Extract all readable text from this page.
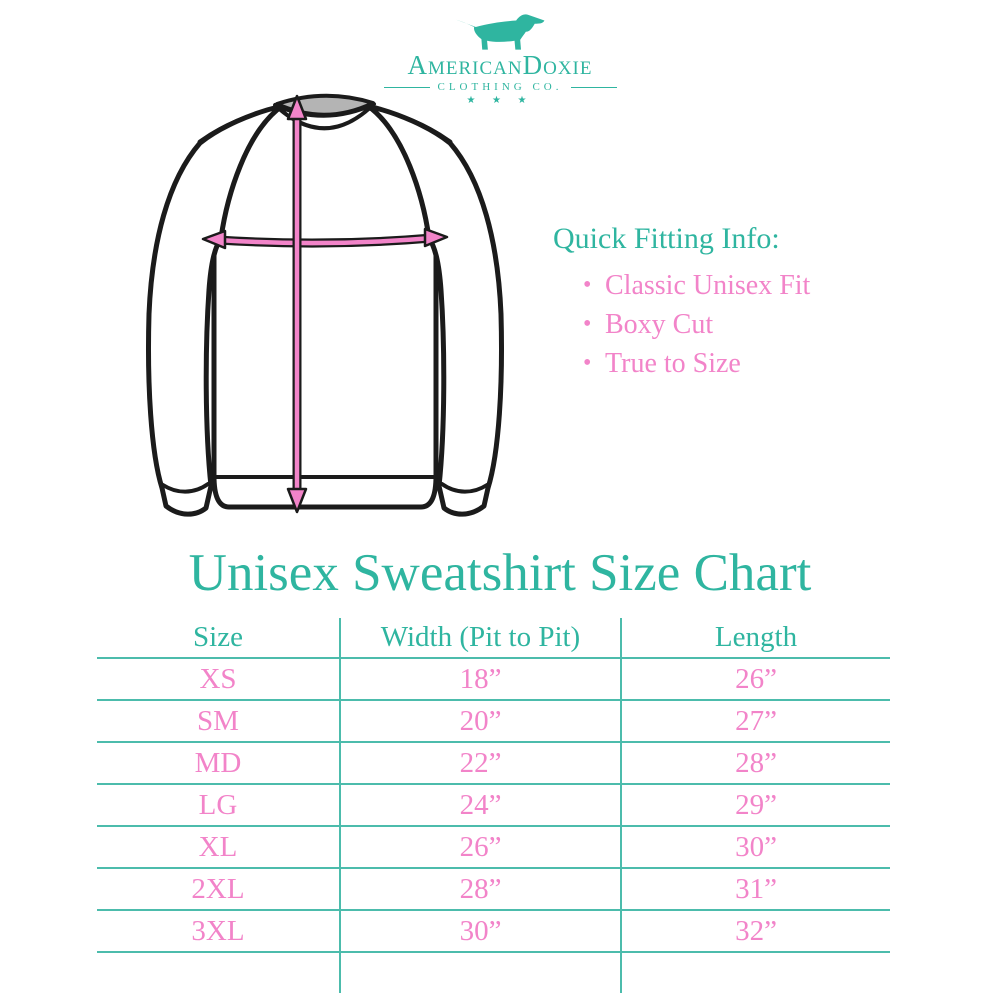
AmericanDoxie
CLOTHING CO.
★ ★ ★
Quick Fitting Info:
• Classic Unisex Fit
• Boxy Cut
• True to Size
Unisex Sweatshirt Size Chart
Size	Width (Pit to Pit)	Length
XS	18”	26”
SM	20”	27”
MD	22”	28”
LG	24”	29”
XL	26”	30”
2XL	28”	31”
3XL	30”	32”
